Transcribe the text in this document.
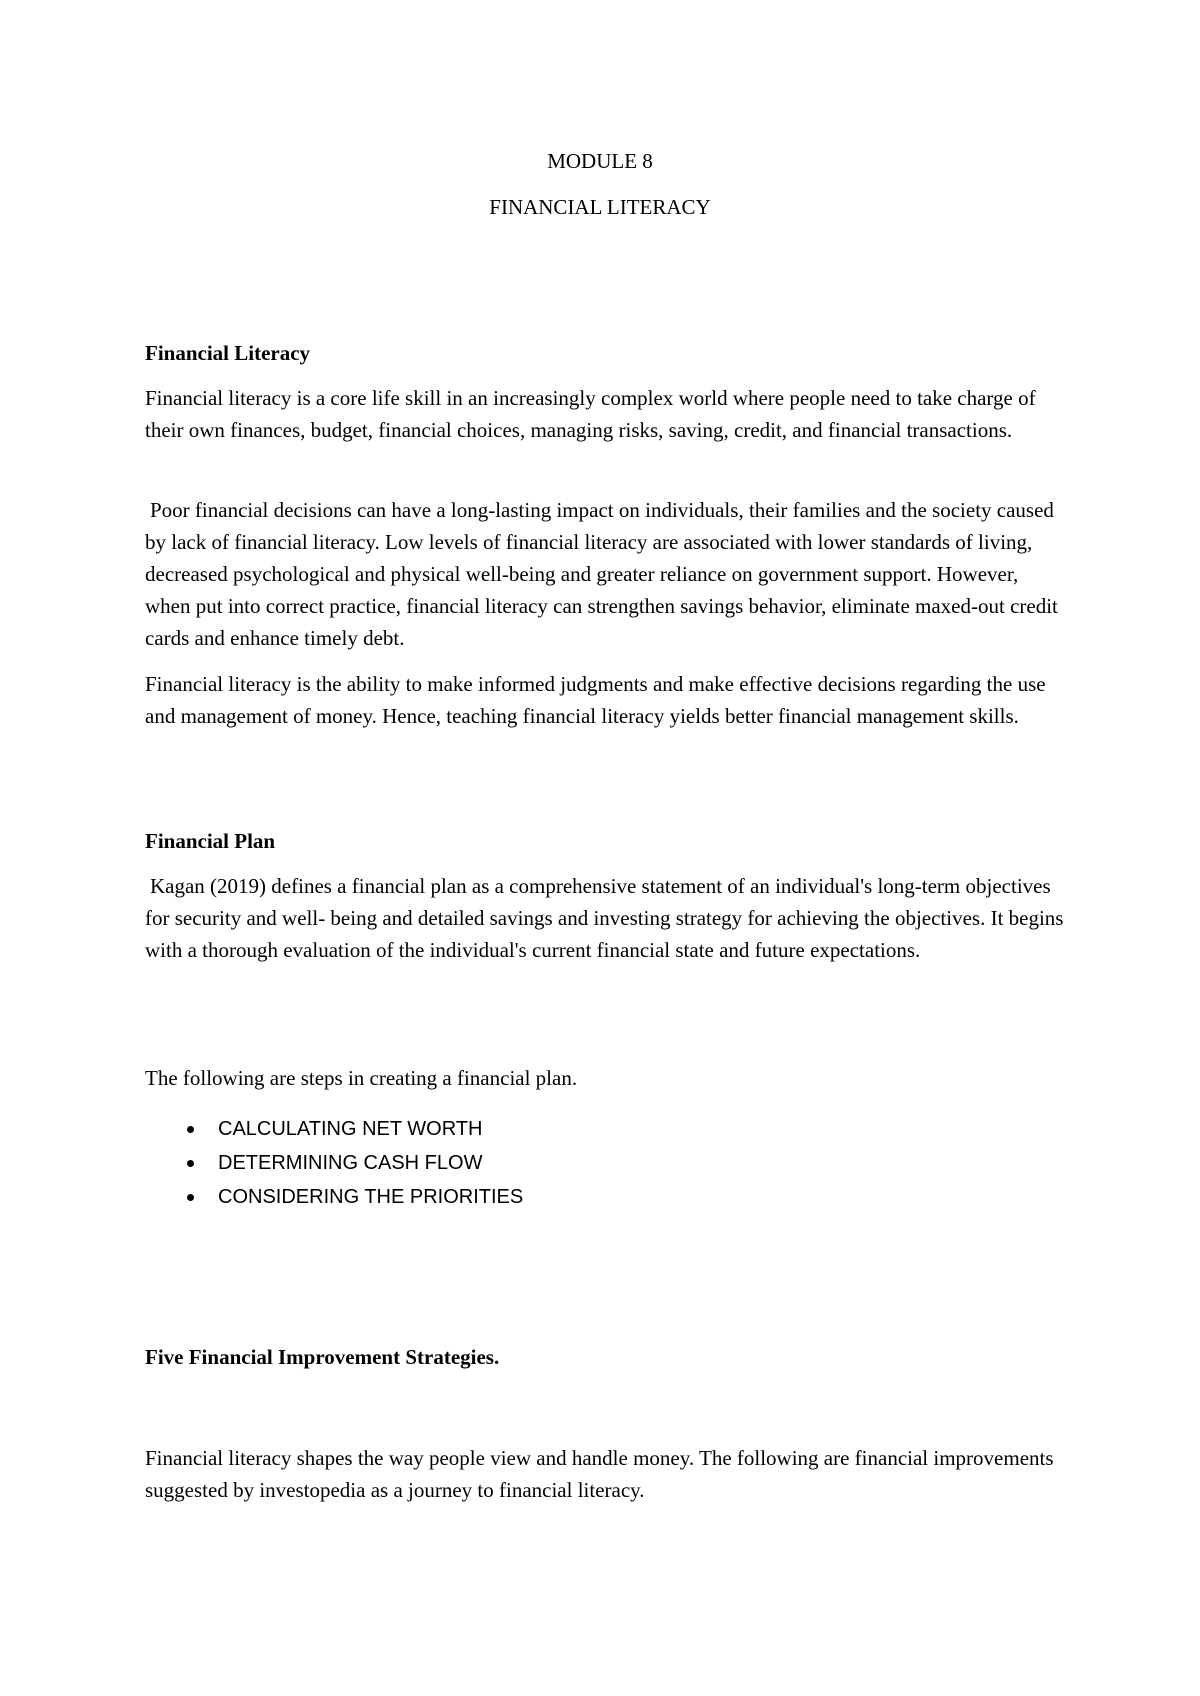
MODULE 8
FINANCIAL LITERACY
Financial Literacy

Financial literacy is a core life skill in an increasingly complex world where people need to take charge of their own finances, budget, financial choices, managing risks, saving, credit, and financial transactions.

Poor financial decisions can have a long-lasting impact on individuals, their families and the society caused by lack of financial literacy. Low levels of financial literacy are associated with lower standards of living, decreased psychological and physical well-being and greater reliance on government support. However, when put into correct practice, financial literacy can strengthen savings behavior, eliminate maxed-out credit cards and enhance timely debt.

Financial literacy is the ability to make informed judgments and make effective decisions regarding the use and management of money. Hence, teaching financial literacy yields better financial management skills.

Financial Plan

Kagan (2019) defines a financial plan as a comprehensive statement of an individual's long-term objectives for security and well- being and detailed savings and investing strategy for achieving the objectives. It begins with a thorough evaluation of the individual's current financial state and future expectations.

The following are steps in creating a financial plan.

CALCULATING NET WORTH
DETERMINING CASH FLOW
CONSIDERING THE PRIORITIES
Five Financial Improvement Strategies.

Financial literacy shapes the way people view and handle money. The following are financial improvements suggested by investopedia as a journey to financial literacy.
